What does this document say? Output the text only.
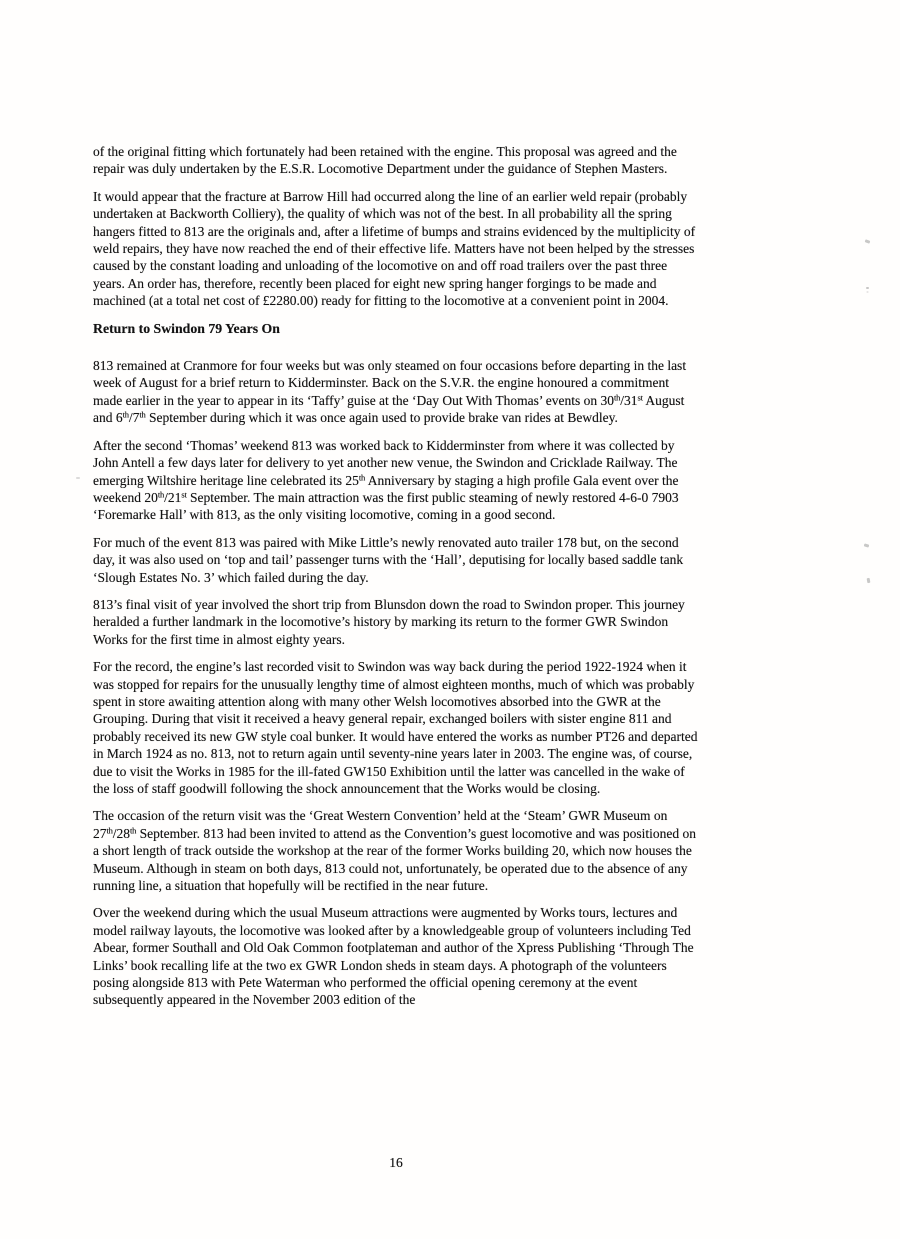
of the original fitting which fortunately had been retained with the engine. This proposal was agreed and the repair was duly undertaken by the E.S.R. Locomotive Department under the guidance of Stephen Masters.

It would appear that the fracture at Barrow Hill had occurred along the line of an earlier weld repair (probably undertaken at Backworth Colliery), the quality of which was not of the best. In all probability all the spring hangers fitted to 813 are the originals and, after a lifetime of bumps and strains evidenced by the multiplicity of weld repairs, they have now reached the end of their effective life. Matters have not been helped by the stresses caused by the constant loading and unloading of the locomotive on and off road trailers over the past three years. An order has, therefore, recently been placed for eight new spring hanger forgings to be made and machined (at a total net cost of £2280.00) ready for fitting to the locomotive at a convenient point in 2004.

Return to Swindon 79 Years On

813 remained at Cranmore for four weeks but was only steamed on four occasions before departing in the last week of August for a brief return to Kidderminster. Back on the S.V.R. the engine honoured a commitment made earlier in the year to appear in its ‘Taffy’ guise at the ‘Day Out With Thomas’ events on 30th/31st August and 6th/7th September during which it was once again used to provide brake van rides at Bewdley.

After the second ‘Thomas’ weekend 813 was worked back to Kidderminster from where it was collected by John Antell a few days later for delivery to yet another new venue, the Swindon and Cricklade Railway. The emerging Wiltshire heritage line celebrated its 25th Anniversary by staging a high profile Gala event over the weekend 20th/21st September. The main attraction was the first public steaming of newly restored 4-6-0 7903 ‘Foremarke Hall’ with 813, as the only visiting locomotive, coming in a good second.

For much of the event 813 was paired with Mike Little’s newly renovated auto trailer 178 but, on the second day, it was also used on ‘top and tail’ passenger turns with the ‘Hall’, deputising for locally based saddle tank ‘Slough Estates No. 3’ which failed during the day.

813’s final visit of year involved the short trip from Blunsdon down the road to Swindon proper. This journey heralded a further landmark in the locomotive’s history by marking its return to the former GWR Swindon Works for the first time in almost eighty years.

For the record, the engine’s last recorded visit to Swindon was way back during the period 1922-1924 when it was stopped for repairs for the unusually lengthy time of almost eighteen months, much of which was probably spent in store awaiting attention along with many other Welsh locomotives absorbed into the GWR at the Grouping. During that visit it received a heavy general repair, exchanged boilers with sister engine 811 and probably received its new GW style coal bunker. It would have entered the works as number PT26 and departed in March 1924 as no. 813, not to return again until seventy-nine years later in 2003. The engine was, of course, due to visit the Works in 1985 for the ill-fated GW150 Exhibition until the latter was cancelled in the wake of the loss of staff goodwill following the shock announcement that the Works would be closing.

The occasion of the return visit was the ‘Great Western Convention’ held at the ‘Steam’ GWR Museum on 27th/28th September. 813 had been invited to attend as the Convention’s guest locomotive and was positioned on a short length of track outside the workshop at the rear of the former Works building 20, which now houses the Museum. Although in steam on both days, 813 could not, unfortunately, be operated due to the absence of any running line, a situation that hopefully will be rectified in the near future.

Over the weekend during which the usual Museum attractions were augmented by Works tours, lectures and model railway layouts, the locomotive was looked after by a knowledgeable group of volunteers including Ted Abear, former Southall and Old Oak Common footplateman and author of the Xpress Publishing ‘Through The Links’ book recalling life at the two ex GWR London sheds in steam days. A photograph of the volunteers posing alongside 813 with Pete Waterman who performed the official opening ceremony at the event subsequently appeared in the November 2003 edition of the

16
